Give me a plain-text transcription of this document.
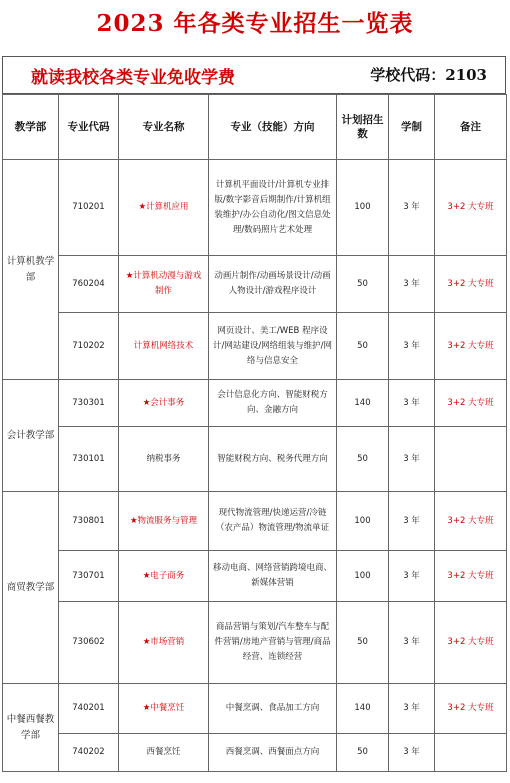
2023 年各类专业招生一览表
就读我校各类专业免收学费	学校代码：2103
教学部	专业代码	专业名称	专业（技能）方向	计划招生数	学制	备注
计算机教学部	710201	★计算机应用	计算机平面设计/计算机专业排版/数字影音后期制作/计算机组装维护/办公自动化/图文信息处理/数码照片艺术处理	100	3 年	3+2 大专班
	760204	★计算机动漫与游戏制作	动画片制作/动画场景设计/动画人物设计/游戏程序设计	50	3 年	3+2 大专班
	710202	计算机网络技术	网页设计、美工/WEB 程序设计/网站建设/网络组装与维护/网络与信息安全	50	3 年	3+2 大专班
会计教学部	730301	★会计事务	会计信息化方向、智能财税方向、金融方向	140	3 年	3+2 大专班
	730101	纳税事务	智能财税方向、税务代理方向	50	3 年	
商贸教学部	730801	★物流服务与管理	现代物流管理/快递运营/冷链（农产品）物流管理/物流单证	100	3 年	3+2 大专班
	730701	★电子商务	移动电商、网络营销跨境电商、新媒体营销	100	3 年	3+2 大专班
	730602	★市场营销	商品营销与策划/汽车整车与配件营销/房地产营销与管理/商品经营、连锁经营	50	3 年	3+2 大专班
中餐西餐教学部	740201	★中餐烹饪	中餐烹调、食品加工方向	140	3 年	3+2 大专班
	740202	西餐烹饪	西餐烹调、西餐面点方向	50	3 年	
